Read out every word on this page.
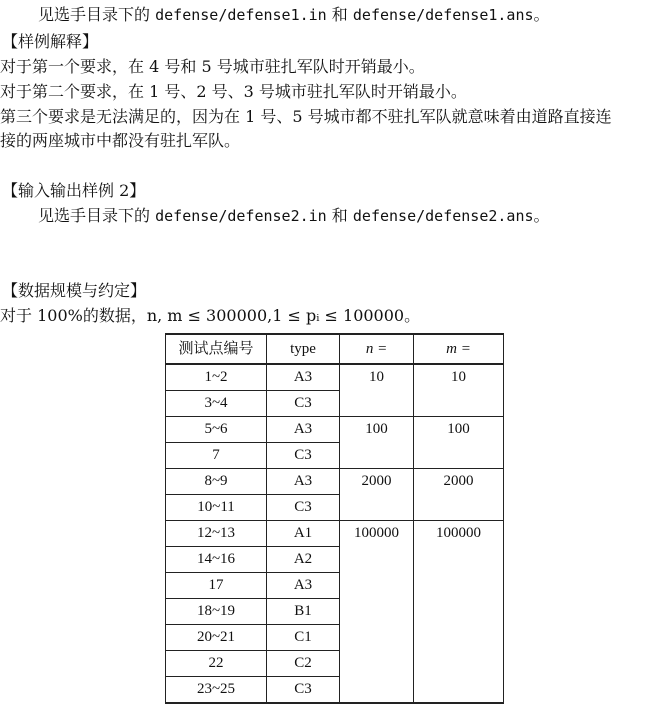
见选手目录下的 defense/defense1.in 和 defense/defense1.ans。
【样例解释】
对于第一个要求，在 4 号和 5 号城市驻扎军队时开销最小。
对于第二个要求，在 1 号、2 号、3 号城市驻扎军队时开销最小。
第三个要求是无法满足的，因为在 1 号、5 号城市都不驻扎军队就意味着由道路直接连
接的两座城市中都没有驻扎军队。
【输入输出样例 2】
见选手目录下的 defense/defense2.in 和 defense/defense2.ans。
【数据规模与约定】
对于 100%的数据，n, m ≤ 300000,1 ≤ pᵢ ≤ 100000。
测试点编号	type	n =	m =
1~2	A3	10	10
3~4	C3		
5~6	A3	100	100
7	C3		
8~9	A3	2000	2000
10~11	C3		
12~13	A1	100000	100000
14~16	A2		
17	A3		
18~19	B1		
20~21	C1		
22	C2		
23~25	C3		
